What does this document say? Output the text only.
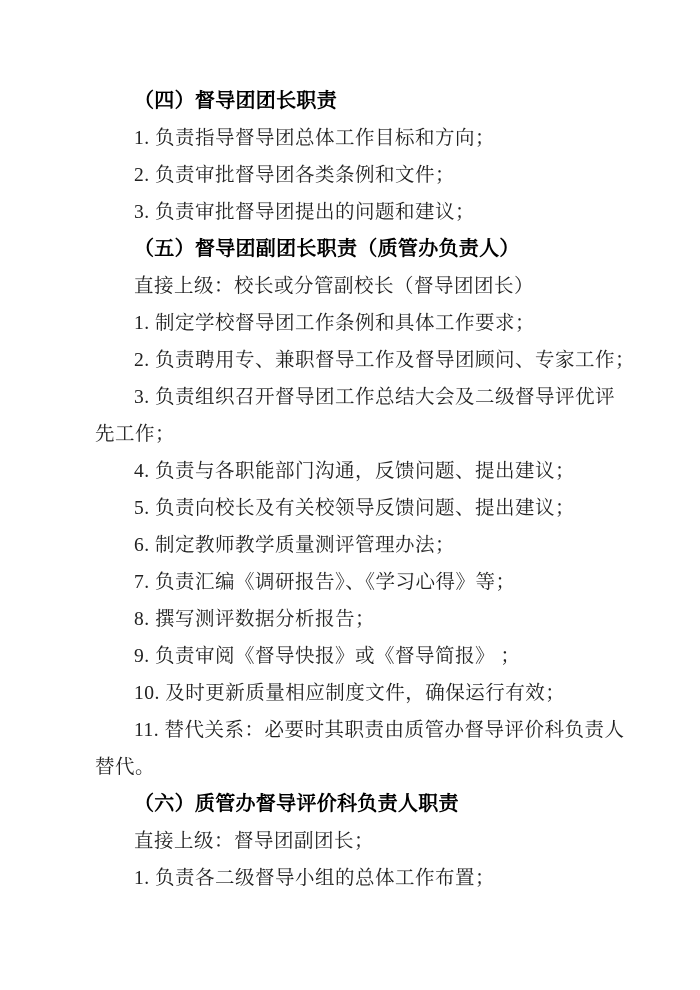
（四）督导团团长职责
1. 负责指导督导团总体工作目标和方向；
2. 负责审批督导团各类条例和文件；
3. 负责审批督导团提出的问题和建议；
（五）督导团副团长职责（质管办负责人）
直接上级：校长或分管副校长（督导团团长）
1. 制定学校督导团工作条例和具体工作要求；
2. 负责聘用专、兼职督导工作及督导团顾问、专家工作；
3. 负责组织召开督导团工作总结大会及二级督导评优评
先工作；
4. 负责与各职能部门沟通，反馈问题、提出建议；
5. 负责向校长及有关校领导反馈问题、提出建议；
6. 制定教师教学质量测评管理办法；
7. 负责汇编《调研报告》、《学习心得》等；
8. 撰写测评数据分析报告；
9. 负责审阅《督导快报》或《督导简报》 ；
10. 及时更新质量相应制度文件，确保运行有效；
11. 替代关系：必要时其职责由质管办督导评价科负责人
替代。
（六）质管办督导评价科负责人职责
直接上级：督导团副团长；
1. 负责各二级督导小组的总体工作布置；
